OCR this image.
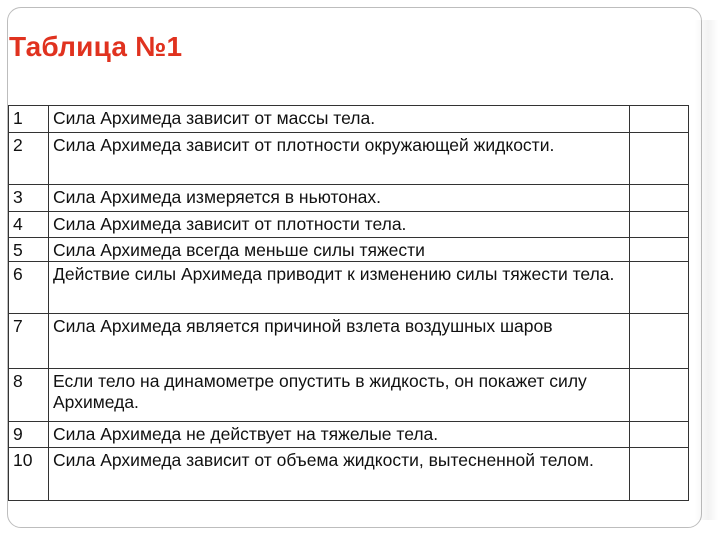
Таблица №1
1	Сила Архимеда зависит от массы тела.	
2	Сила Архимеда зависит от плотности окружающей жидкости.	
3	Сила Архимеда измеряется в ньютонах.	
4	Сила Архимеда зависит от плотности тела.	
5	Сила Архимеда всегда меньше силы тяжести	
6	Действие силы Архимеда приводит к изменению силы тяжести тела.	
7	Сила Архимеда является причиной взлета воздушных шаров	
8	Если тело на динамометре опустить в жидкость, он покажет силу Архимеда.	
9	Сила Архимеда не действует на тяжелые тела.	
10	Сила Архимеда зависит от объема жидкости, вытесненной телом.	
